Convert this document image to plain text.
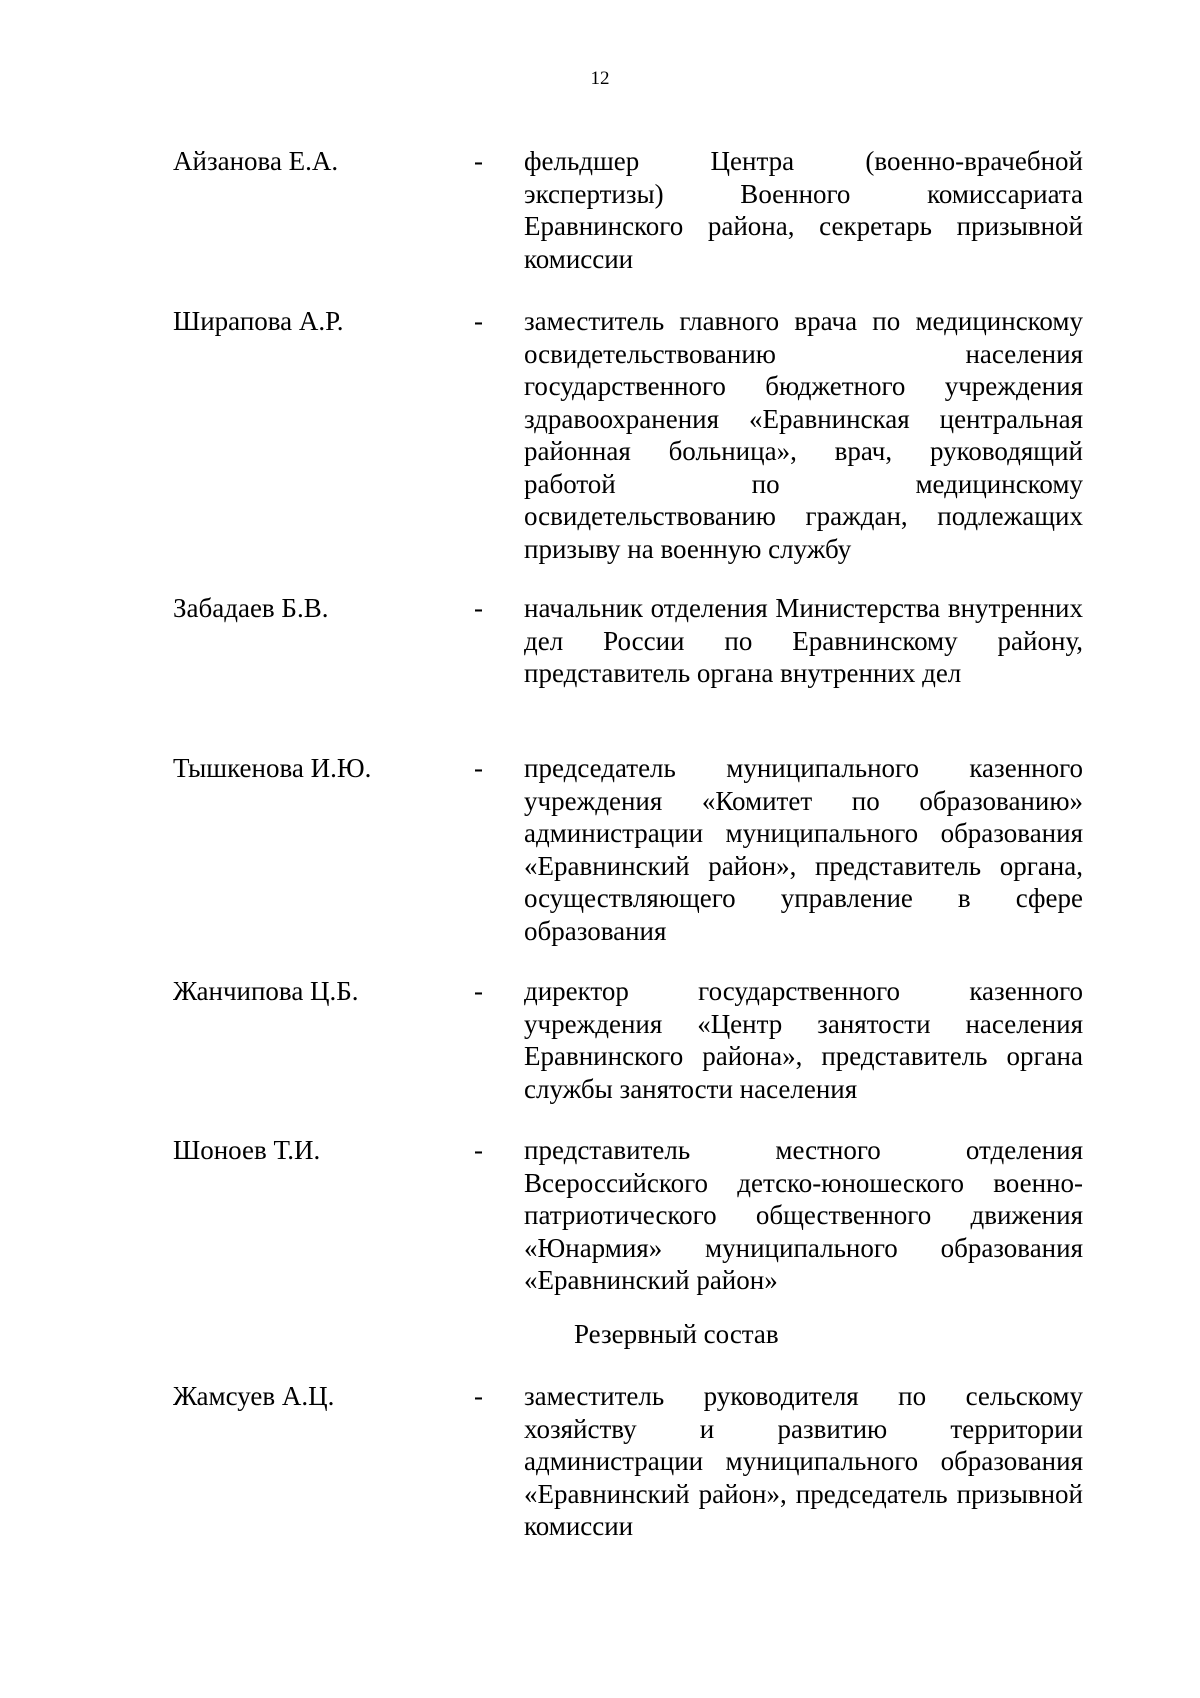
12
Айзанова Е.А.	- фельдшер Центра (военно-врачебной экспертизы) Военного комиссариата Еравнинского района, секретарь призывной комиссии
Ширапова А.Р.	- заместитель главного врача по медицинскому освидетельствованию населения государственного бюджетного учреждения здравоохранения «Еравнинская центральная районная больница», врач, руководящий работой по медицинскому освидетельствованию граждан, подлежащих призыву на военную службу
Забадаев Б.В.	- начальник отделения Министерства внутренних дел России по Еравнинскому району, представитель органа внутренних дел
Тышкенова И.Ю.	- председатель муниципального казенного учреждения «Комитет по образованию» администрации муниципального образования «Еравнинский район», представитель органа, осуществляющего управление в сфере образования
Жанчипова Ц.Б.	- директор государственного казенного учреждения «Центр занятости населения Еравнинского района», представитель органа службы занятости населения
Шоноев Т.И.	- представитель местного отделения Всероссийского детско-юношеского военно-патриотического общественного движения «Юнармия» муниципального образования «Еравнинский район»
Резервный состав
Жамсуев А.Ц.	- заместитель руководителя по сельскому хозяйству и развитию территории администрации муниципального образования «Еравнинский район», председатель призывной комиссии
